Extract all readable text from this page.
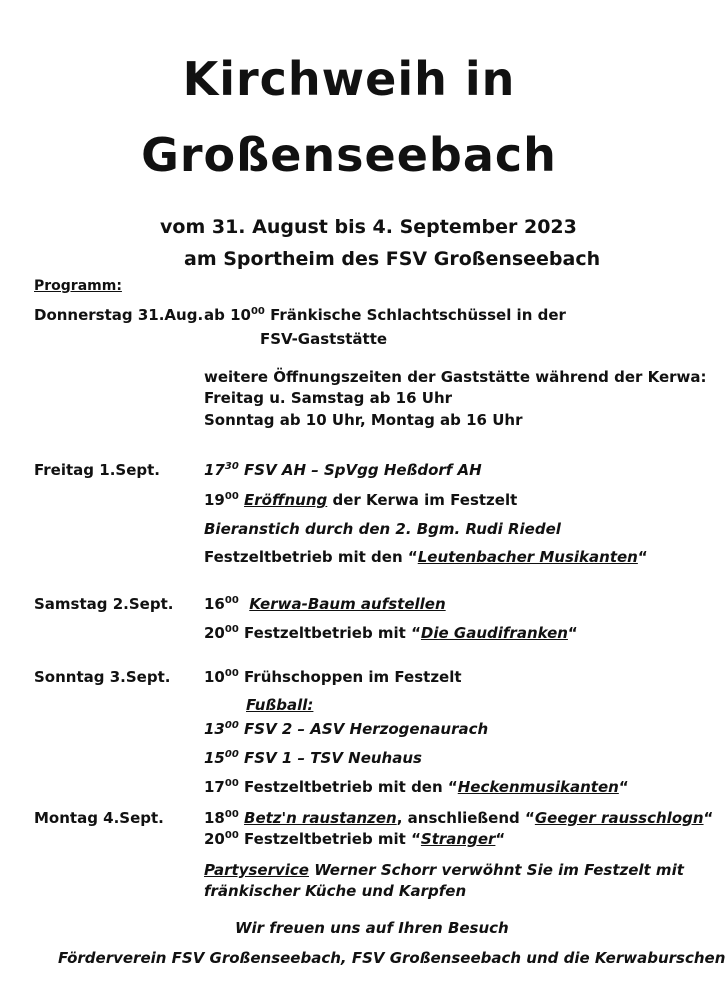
Kirchweih in
Großenseebach
vom 31. August bis 4. September 2023
am Sportheim des FSV Großenseebach
Programm:
Donnerstag 31.Aug. ab $10^{00}$ Fränkische Schlachtschüssel in der
FSV-Gaststätte
weitere Öffnungszeiten der Gaststätte während der Kerwa:
Freitag u. Samstag ab 16 Uhr
Sonntag ab 10 Uhr, Montag ab 16 Uhr
Freitag 1.Sept.	$17^{30}$ FSV AH – SpVgg Heßdorf AH
$19^{00}$ Eröffnung der Kerwa im Festzelt
Bieranstich durch den 2. Bgm. Rudi Riedel
Festzeltbetrieb mit den “Leutenbacher Musikanten“
Samstag 2.Sept. $16^{00}$ Kerwa-Baum aufstellen
$20^{00}$ Festzeltbetrieb mit “Die Gaudifranken“
Sonntag 3.Sept. $10^{00}$ Frühschoppen im Festzelt
Fußball:
$13^{00}$ FSV 2 – ASV Herzogenaurach
$15^{00}$ FSV 1 – TSV Neuhaus
$17^{00}$ Festzeltbetrieb mit den “Heckenmusikanten“
Montag 4.Sept.	$18^{00}$ Betz'n raustanzen, anschließend “Geeger rausschlogn“
$20^{00}$ Festzeltbetrieb mit “Stranger“
Partyservice Werner Schorr verwöhnt Sie im Festzelt mit
fränkischer Küche und Karpfen
Wir freuen uns auf Ihren Besuch
Förderverein FSV Großenseebach, FSV Großenseebach und die Kerwaburschen
